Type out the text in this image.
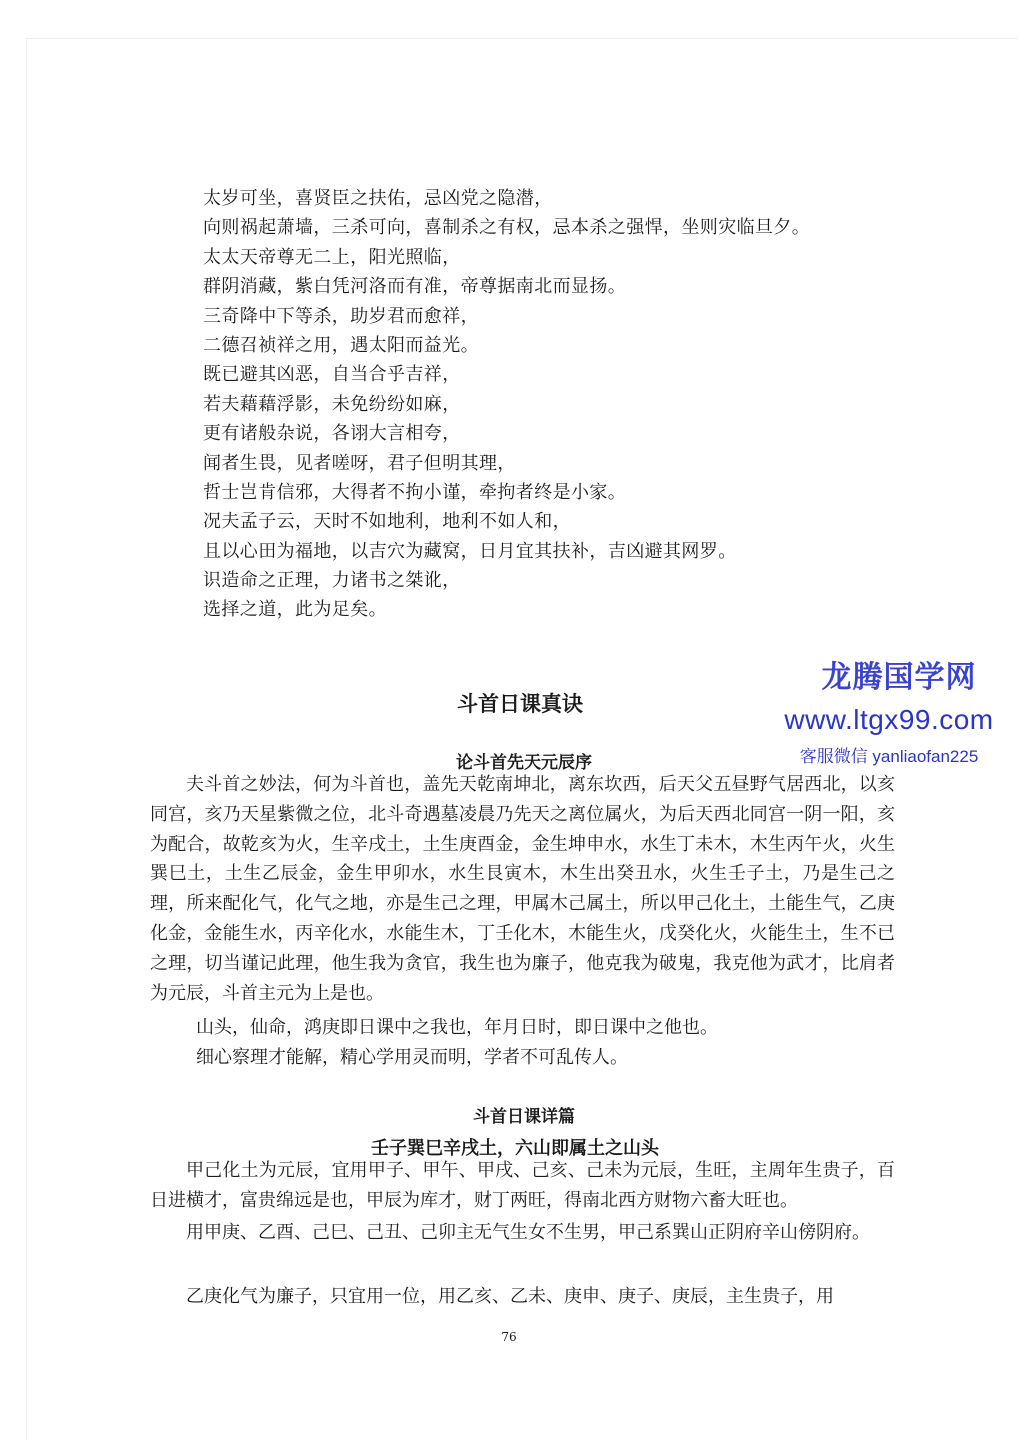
太岁可坐，喜贤臣之扶佑，忌凶党之隐潜，
向则祸起萧墙，三杀可向，喜制杀之有权，忌本杀之强悍，坐则灾临旦夕。
太太天帝尊无二上，阳光照临，
群阴消藏，紫白凭河洛而有准，帝尊据南北而显扬。
三奇降中下等杀，助岁君而愈祥，
二德召祯祥之用，遇太阳而益光。
既已避其凶恶，自当合乎吉祥，
若夫藉藉浮影，未免纷纷如麻，
更有诸般杂说，各诩大言相夸，
闻者生畏，见者嗟呀，君子但明其理，
哲士岂肯信邪，大得者不拘小谨，牵拘者终是小家。
况夫孟子云，天时不如地利，地利不如人和，
且以心田为福地，以吉穴为藏窝，日月宜其扶补，吉凶避其网罗。
识造命之正理，力诸书之桀讹，
选择之道，此为足矣。
斗首日课真诀
论斗首先天元辰序

夫斗首之妙法，何为斗首也，盖先天乾南坤北，离东坎西，后天父五昼野气居西北，以亥同宫，亥乃天星紫微之位，北斗奇遇墓凌晨乃先天之离位属火，为后天西北同宫一阴一阳，亥为配合，故乾亥为火，生辛戌土，土生庚酉金，金生坤申水，水生丁未木，木生丙午火，火生巽巳土，土生乙辰金，金生甲卯水，水生艮寅木，木生出癸丑水，火生壬子土，乃是生己之理，所来配化气，化气之地，亦是生己之理，甲属木己属土，所以甲己化土，土能生气，乙庚化金，金能生水，丙辛化水，水能生木，丁壬化木，木能生火，戊癸化火，火能生土，生不已之理，切当谨记此理，他生我为贪官，我生也为廉子，他克我为破鬼，我克他为武才，比肩者为元辰，斗首主元为上是也。

山头，仙命，鸿庚即日课中之我也，年月日时，即日课中之他也。

细心察理才能解，精心学用灵而明，学者不可乱传人。

斗首日课详篇
壬子巽巳辛戌土，六山即属土之山头

甲己化土为元辰，宜用甲子、甲午、甲戌、己亥、己未为元辰，生旺，主周年生贵子，百日进横才，富贵绵远是也，甲辰为库才，财丁两旺，得南北西方财物六畜大旺也。

用甲庚、乙酉、己巳、己丑、己卯主无气生女不生男，甲己系巽山正阴府辛山傍阴府。

乙庚化气为廉子，只宜用一位，用乙亥、乙未、庚申、庚子、庚辰，主生贵子，用

龙腾国学网
www.ltgx99.com
客服微信 yanliaofan225
76
